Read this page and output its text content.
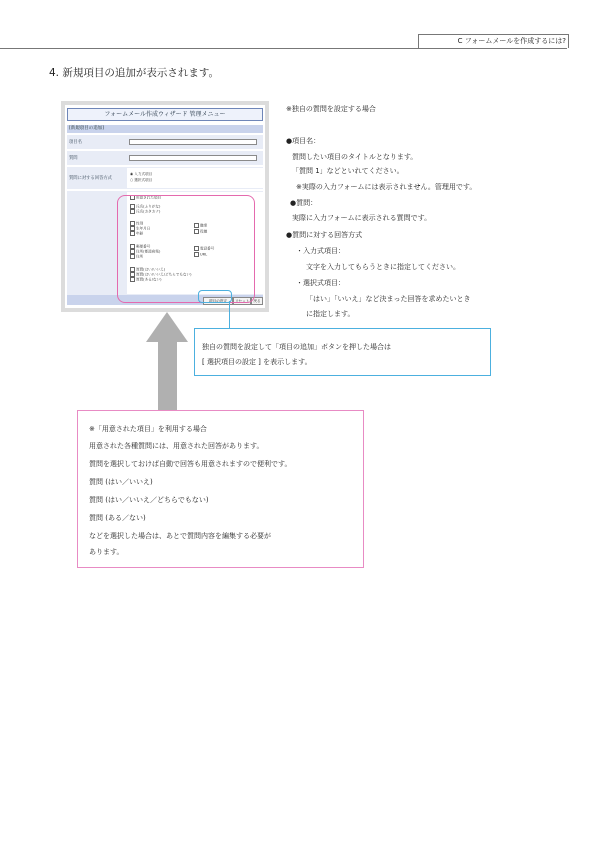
C フォームメールを作成するには?
4. 新規項目の追加が表示されます。
フォームメール作成ウィザード 管理メニュー
[新規項目の追加]
項目名
質問
質問に対する回答方式
◉ 入力式項目
○ 選択式項目
用意された項目
氏名(ふりがな)
氏名(カタカナ)
性別
生年月日
年齢
職業
役職
郵便番号
住所(都道府県)
住所
電話番号
URL
質問(はい/いいえ)
質問(はい/いいえ/どちらでもない)
質問(ある/ない)
項目の設定	リセット	戻る
※独自の質問を設定する場合
●項目名：
質問したい項目のタイトルとなります。
「質問 1」などといれてください。
※実際の入力フォームには表示されません。管理用です。
●質問：
実際に入力フォームに表示される質問です。
●質問に対する回答方式
・入力式項目：
文字を入力してもらうときに指定してください。
・選択式項目：
「はい」「いいえ」など決まった回答を求めたいとき
に指定します。
独自の質問を設定して「項目の追加」ボタンを押した場合は
[ 選択項目の設定 ] を表示します。
※「用意された項目」を利用する場合
用意された各種質問には、用意された回答があります。
質問を選択しておけば自動で回答も用意されますので便利です。
質問 (はい／いいえ)
質問 (はい／いいえ／どちらでもない)
質問 (ある／ない)
などを選択した場合は、あとで質問内容を編集する必要が
あります。
